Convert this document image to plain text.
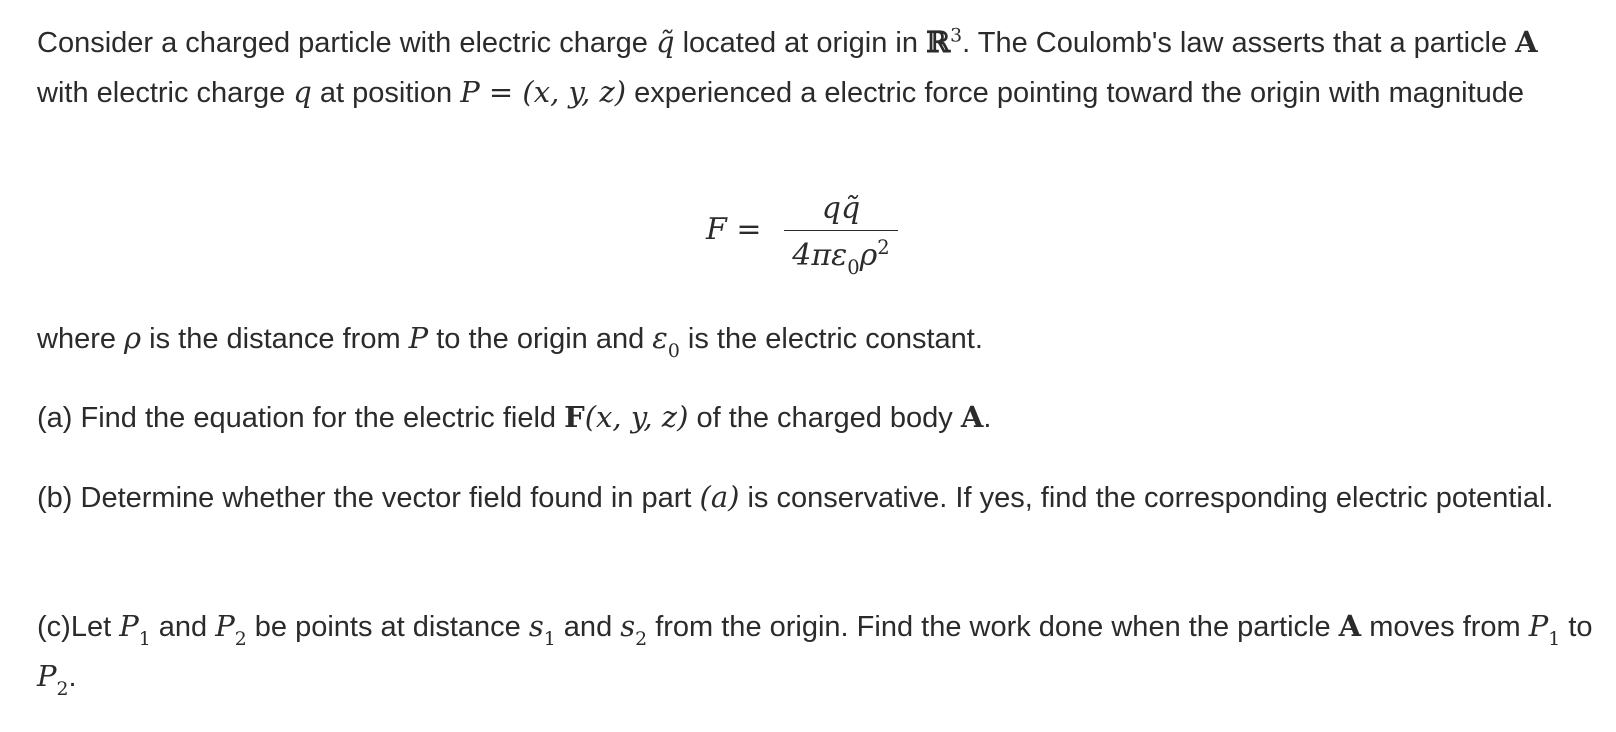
Consider a charged particle with electric charge q̃ located at origin in ℝ$^3$. The Coulomb's law asserts that a particle A with electric charge q at position P = (x, y, z) experienced a electric force pointing toward the origin with magnitude

F =
qq̃
$4\pi\varepsilon_0\rho^2$

where ρ is the distance from P to the origin and $\varepsilon_0$ is the electric constant.

(a) Find the equation for the electric field F(x, y, z) of the charged body A.

(b) Determine whether the vector field found in part (a) is conservative. If yes, find the corresponding electric potential.

(c)Let $P_1$ and $P_2$ be points at distance $s_1$ and $s_2$ from the origin. Find the work done when the particle A moves from $P_1$ to $P_2$.
